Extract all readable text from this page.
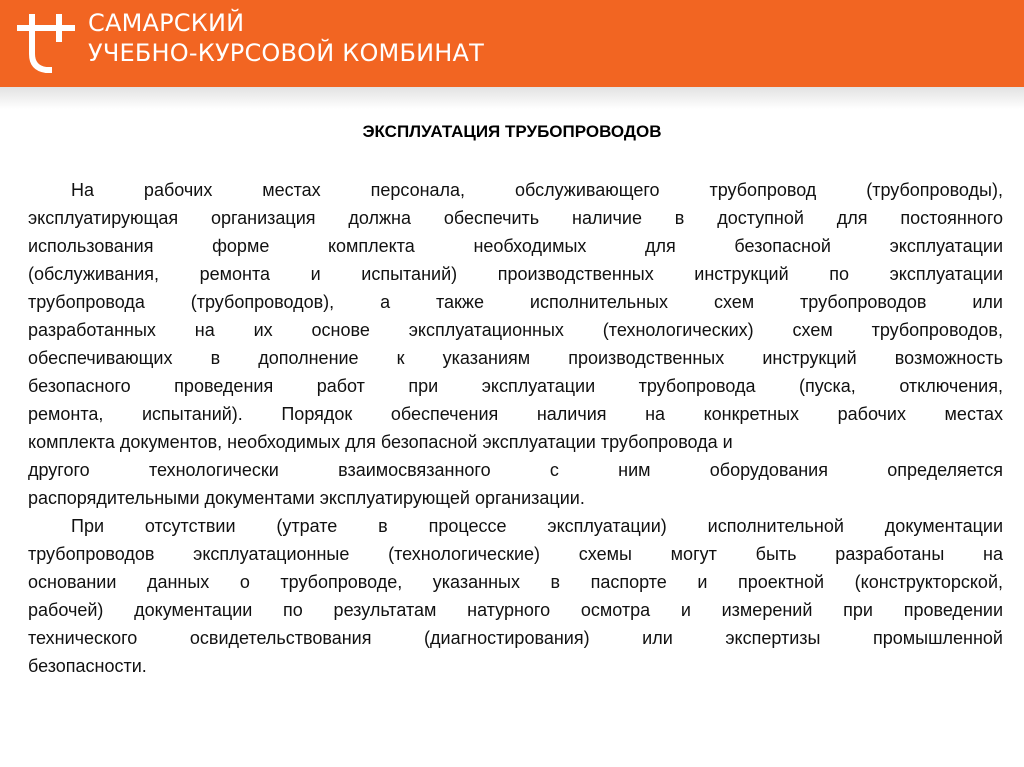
САМАРСКИЙ
УЧЕБНО-КУРСОВОЙ КОМБИНАТ
ЭКСПЛУАТАЦИЯ ТРУБОПРОВОДОВ
На рабочих местах персонала, обслуживающего трубопровод (трубопроводы),
эксплуатирующая организация должна обеспечить наличие в доступной для постоянного
использования форме комплекта необходимых для безопасной эксплуатации
(обслуживания, ремонта и испытаний) производственных инструкций по эксплуатации
трубопровода (трубопроводов), а также исполнительных схем трубопроводов или
разработанных на их основе эксплуатационных (технологических) схем трубопроводов,
обеспечивающих в дополнение к указаниям производственных инструкций возможность
безопасного проведения работ при эксплуатации трубопровода (пуска, отключения,
ремонта, испытаний). Порядок обеспечения наличия на конкретных рабочих местах
комплекта документов, необходимых для безопасной эксплуатации трубопровода и
другого технологически взаимосвязанного с ним оборудования определяется
распорядительными документами эксплуатирующей организации.
При отсутствии (утрате в процессе эксплуатации) исполнительной документации
трубопроводов эксплуатационные (технологические) схемы могут быть разработаны на
основании данных о трубопроводе, указанных в паспорте и проектной (конструкторской,
рабочей) документации по результатам натурного осмотра и измерений при проведении
технического освидетельствования (диагностирования) или экспертизы промышленной
безопасности.
